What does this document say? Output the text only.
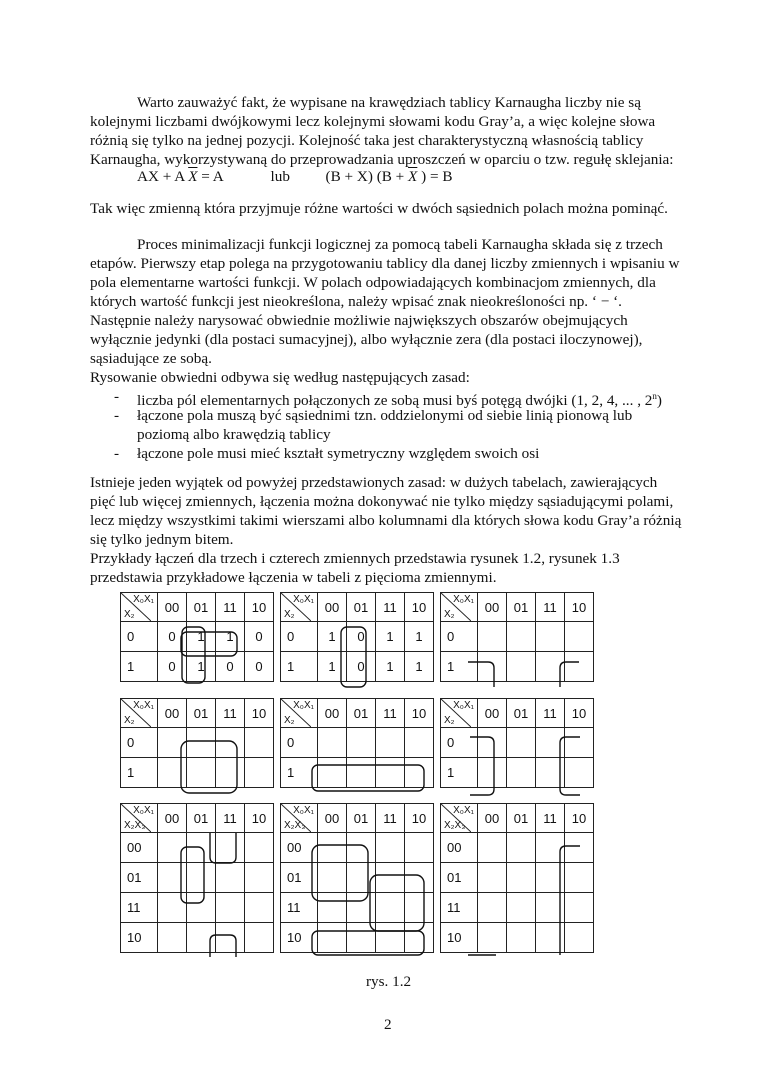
Warto zauważyć fakt, że wypisane na krawędziach tablicy Karnaugha liczby nie są
kolejnymi liczbami dwójkowymi lecz kolejnymi słowami kodu Gray’a, a więc kolejne słowa
różnią się tylko na jednej pozycji. Kolejność taka jest charakterystyczną własnością tablicy
Karnaugha, wykorzystywaną do przeprowadzania uproszczeń w oparciu o tzw. regułę sklejania:
AX + A $\overline{X} = A$	lub (B + X) ($B + \overline{X}$ ) = B
Tak więc zmienną która przyjmuje różne wartości w dwóch sąsiednich polach można pominąć.
Proces minimalizacji funkcji logicznej za pomocą tabeli Karnaugha składa się z trzech
etapów. Pierwszy etap polega na przygotowaniu tablicy dla danej liczby zmiennych i wpisaniu w
pola elementarne wartości funkcji. W polach odpowiadających kombinacjom zmiennych, dla
których wartość funkcji jest nieokreślona, należy wpisać znak nieokreśloności np. ‘ − ‘.
Następnie należy narysować obwiednie możliwie największych obszarów obejmujących
wyłącznie jedynki (dla postaci sumacyjnej), albo wyłącznie zera (dla postaci iloczynowej),
sąsiadujące ze sobą.
Rysowanie obwiedni odbywa się według następujących zasad:
- liczba pól elementarnych połączonych ze sobą musi byś potęgą dwójki (1, 2, 4, ... , 2$^n$)
- łączone pola muszą być sąsiednimi tzn. oddzielonymi od siebie linią pionową lub
poziomą albo krawędzią tablicy
- łączone pole musi mieć kształt symetryczny względem swoich osi
Istnieje jeden wyjątek od powyżej przedstawionych zasad: w dużych tabelach, zawierających
pięć lub więcej zmiennych, łączenia można dokonywać nie tylko między sąsiadującymi polami,
lecz między wszystkimi takimi wierszami albo kolumnami dla których słowa kodu Gray’a różnią
się tylko jednym bitem.
Przykłady łączeń dla trzech i czterech zmiennych przedstawia rysunek 1.2, rysunek 1.3
przedstawia przykładowe łączenia w tabeli z pięcioma zmiennymi.
X₀X₁
X₂	00	01	11	10
0	0	1	1	0
1	0	1	0	0
X₀X₁
X₂	00	01	11	10
0	1	0	1	1
1	1	0	1	1
X₀X₁
X₂	00	01	11	10
0				
1				
X₀X₁
X₂	00	01	11	10
0				
1				
X₀X₁
X₂	00	01	11	10
0				
1				
X₀X₁
X₂	00	01	11	10
0				
1				
X₀X₁
X₂X₃	00	01	11	10
00				
01				
11				
10				
X₀X₁
X₂X₃	00	01	11	10
00				
01				
11				
10				
X₀X₁
X₂X₃	00	01	11	10
00				
01				
11				
10				
rys. 1.2
2
